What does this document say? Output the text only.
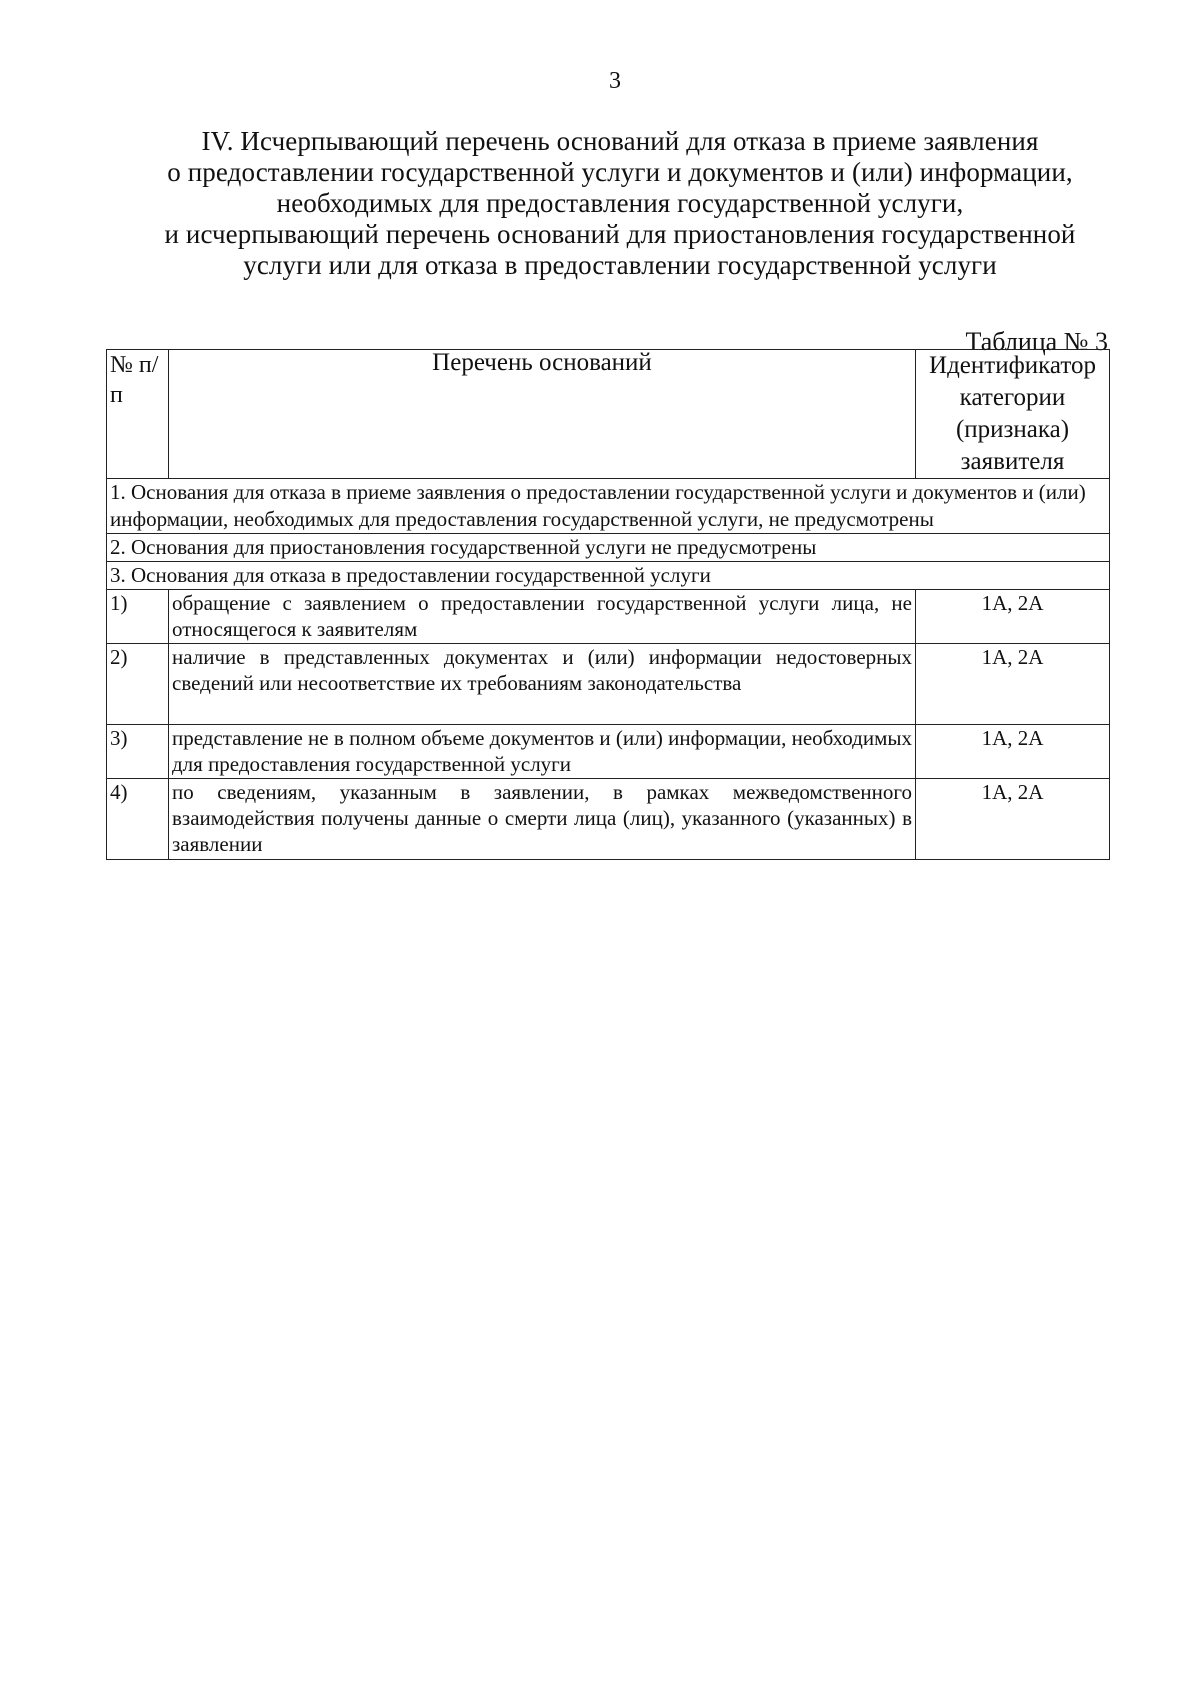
3
IV. Исчерпывающий перечень оснований для отказа в приеме заявления
о предоставлении государственной услуги и документов и (или) информации,
необходимых для предоставления государственной услуги,
и исчерпывающий перечень оснований для приостановления государственной
услуги или для отказа в предоставлении государственной услуги
Таблица № 3
№ п/п	Перечень оснований	Идентификатор категории (признака) заявителя
1. Основания для отказа в приеме заявления о предоставлении государственной услуги и документов и (или) информации, необходимых для предоставления государственной услуги, не предусмотрены		
2. Основания для приостановления государственной услуги не предусмотрены		
3. Основания для отказа в предоставлении государственной услуги		
1)	обращение с заявлением о предоставлении государственной услуги лица, не относящегося к заявителям	1А, 2А
2)	наличие в представленных документах и (или) информации недостоверных сведений или несоответствие их требованиям законодательства	1А, 2А
3)	представление не в полном объеме документов и (или) информации, необходимых для предоставления государственной услуги	1А, 2А
4)	по сведениям, указанным в заявлении, в рамках межведомственного взаимодействия получены данные о смерти лица (лиц), указанного (указанных) в заявлении	1А, 2А
